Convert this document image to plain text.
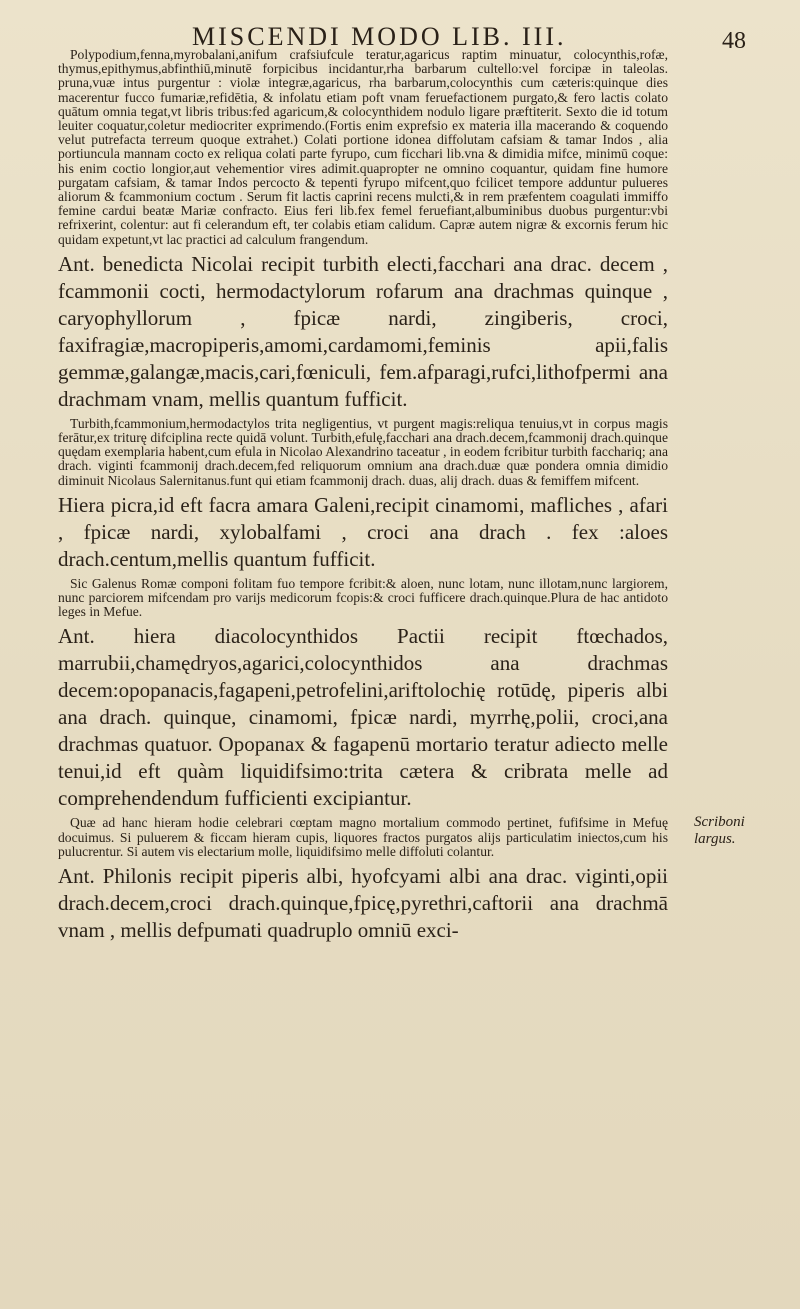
MISCENDI MODO LIB. III.	48

Polypodium,fenna,myrobalani,anifum crafsiufcule teratur,agaricus raptim minuatur, colocynthis,rofæ, thymus,epithymus,abfinthiū,minutē forpicibus incidantur,rha barbarum cultello:vel forcipæ in taleolas. pruna,vuæ intus purgentur : violæ integræ,agaricus, rha barbarum,colocynthis cum cæteris:quinque dies macerentur fucco fumariæ,refidētia, & infolatu etiam poft vnam feruefactionem purgato,& fero lactis colato quātum omnia tegat,vt libris tribus:fed agaricum,& colocynthidem nodulo ligare præftiterit. Sexto die id totum leuiter coquatur,coletur mediocriter exprimendo.(Fortis enim exprefsio ex materia illa macerando & coquendo velut putrefacta terreum quoque extrahet.) Colati portione idonea diffolutam cafsiam & tamar Indos , alia portiuncula mannam cocto ex reliqua colati parte fyrupo, cum ficchari lib.vna & dimidia mifce, minimū coque: his enim coctio longior,aut vehementior vires adimit.quapropter ne omnino coquantur, quidam fine humore purgatam cafsiam, & tamar Indos percocto & tepenti fyrupo mifcent,quo fcilicet tempore adduntur pulueres aliorum & fcammonium coctum . Serum fit lactis caprini recens mulcti,& in rem præfentem coagulati immiffo femine cardui beatæ Mariæ confracto. Eius feri lib.fex femel feruefiant,albuminibus duobus purgentur:vbi refrixerint, colentur: aut fi celerandum eft, ter colabis etiam calidum. Capræ autem nigræ & excornis ferum hic quidam expetunt,vt lac practici ad calculum frangendum.

Ant. benedicta Nicolai recipit turbith electi,facchari ana drac. decem , fcammonii cocti, hermodactylorum rofarum ana drachmas quinque , caryophyllorum , fpicæ nardi, zingiberis, croci, faxifragiæ,macropiperis,amomi,cardamomi,feminis apii,falis gemmæ,galangæ,macis,cari,fœniculi, fem.afparagi,rufci,lithofpermi ana drachmam vnam, mellis quantum fufficit.

Turbith,fcammonium,hermodactylos trita negligentius, vt purgent magis:reliqua tenuius,vt in corpus magis ferātur,ex triturę difciplina recte quidā volunt. Turbith,efulę,facchari ana drach.decem,fcammonij drach.quinque quędam exemplaria habent,cum efula in Nicolao Alexandrino taceatur , in eodem fcribitur turbith facchariq; ana drach. viginti fcammonij drach.decem,fed reliquorum omnium ana drach.duæ quæ pondera omnia dimidio diminuit Nicolaus Salernitanus.funt qui etiam fcammonij drach. duas, alij drach. duas & femiffem mifcent.

Hiera picra,id eft facra amara Galeni,recipit cinamomi, mafliches , afari , fpicæ nardi, xylobalfami , croci ana drach . fex :aloes drach.centum,mellis quantum fufficit.

Sic Galenus Romæ componi folitam fuo tempore fcribit:& aloen, nunc lotam, nunc illotam,nunc largiorem, nunc parciorem mifcendam pro varijs medicorum fcopis:& croci fufficere drach.quinque.Plura de hac antidoto leges in Mefue.

Ant. hiera diacolocynthidos Pactii recipit ftœchados, marrubii,chamędryos,agarici,colocynthidos ana drachmas decem:opopanacis,fagapeni,petrofelini,ariftolochię rotūdę, piperis albi ana drach. quinque, cinamomi, fpicæ nardi, myrrhę,polii, croci,ana drachmas quatuor. Opopanax & fagapenū mortario teratur adiecto melle tenui,id eft quàm liquidifsimo:trita cætera & cribrata melle ad comprehendendum fufficienti excipiantur.

Quæ ad hanc hieram hodie celebrari cœptam magno mortalium commodo pertinet, fufifsime in Mefuę docuimus. Si puluerem & ficcam hieram cupis, liquores fractos purgatos alijs particulatim iniectos,cum his pulucrentur. Si autem vis electarium molle, liquidifsimo melle diffoluti colantur.

Ant. Philonis recipit piperis albi, hyofcyami albi ana drac. viginti,opii drach.decem,croci drach.quinque,fpicę,pyrethri,caftorii ana drachmā vnam , mellis defpumati quadruplo omniū exci-

Scriboni largus.
